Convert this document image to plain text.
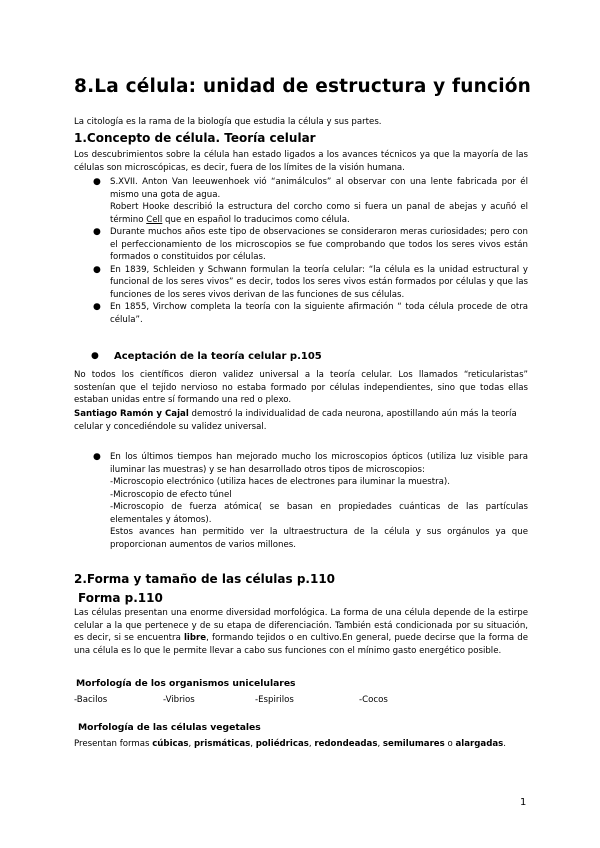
8.La célula: unidad de estructura y función
La citología es la rama de la biología que estudia la célula y sus partes.
1.Concepto de célula. Teoría celular
Los descubrimientos sobre la célula han estado ligados a los avances técnicos ya que la mayoría de las células son microscópicas, es decir, fuera de los límites de la visión humana.
● S.XVII. Anton Van leeuwenhoek vió “animálculos” al observar con una lente fabricada por él mismo una gota de agua.
Robert Hooke describió la estructura del corcho como si fuera un panal de abejas y acuñó el término Cell que en español lo traducimos como célula.
● Durante muchos años este tipo de observaciones se consideraron meras curiosidades; pero con el perfeccionamiento de los microscopios se fue comprobando que todos los seres vivos están formados o constituidos por células.
● En 1839, Schleiden y Schwann formulan la teoría celular: “la célula es la unidad estructural y funcional de los seres vivos” es decir, todos los seres vivos están formados por células y que las funciones de los seres vivos derivan de las funciones de sus células.
● En 1855, Virchow completa la teoría con la siguiente afirmación “ toda célula procede de otra célula”.
● Aceptación de la teoría celular p.105
No todos los científicos dieron validez universal a la teoría celular. Los llamados “reticularistas” sostenían que el tejido nervioso no estaba formado por células independientes, sino que todas ellas estaban unidas entre sí formando una red o plexo.
Santiago Ramón y Cajal demostró la individualidad de cada neurona, apostillando aún más la teoría celular y concediéndole su validez universal.
● En los últimos tiempos han mejorado mucho los microscopios ópticos (utiliza luz visible para iluminar las muestras) y se han desarrollado otros tipos de microscopios:
-Microscopio electrónico (utiliza haces de electrones para iluminar la muestra).
-Microscopio de efecto túnel
-Microscopio de fuerza atómica( se basan en propiedades cuánticas de las partículas elementales y átomos).
Estos avances han permitido ver la ultraestructura de la célula y sus orgánulos ya que proporcionan aumentos de varios millones.
2.Forma y tamaño de las células p.110
Forma p.110
Las células presentan una enorme diversidad morfológica. La forma de una célula depende de la estirpe celular a la que pertenece y de su etapa de diferenciación. También está condicionada por su situación, es decir, si se encuentra libre, formando tejidos o en cultivo.En general, puede decirse que la forma de una célula es lo que le permite llevar a cabo sus funciones con el mínimo gasto energético posible.
Morfología de los organismos unicelulares
-Bacilos	-Vibrios	-Espirilos	-Cocos
Morfología de las células vegetales
Presentan formas cúbicas, prismáticas, poliédricas, redondeadas, semilumares o alargadas.
1
